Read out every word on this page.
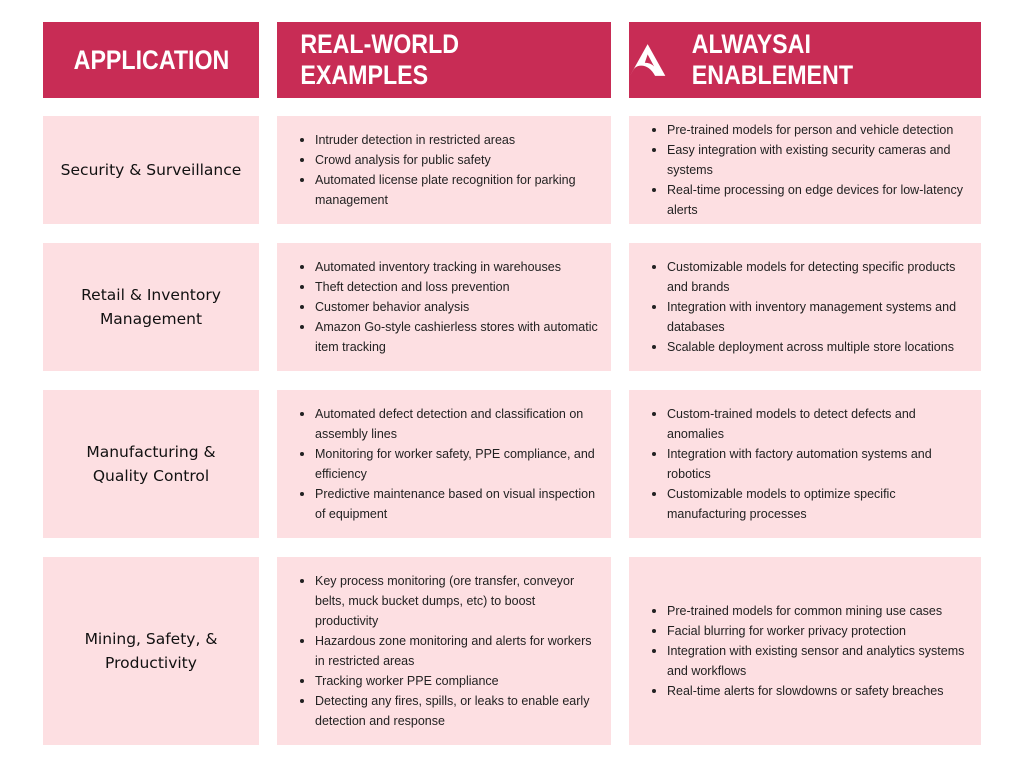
APPLICATION
REAL-WORLD EXAMPLES
ALWAYSAI ENABLEMENT
Security & Surveillance
Intruder detection in restricted areas
Crowd analysis for public safety
Automated license plate recognition for parking management
Pre-trained models for person and vehicle detection
Easy integration with existing security cameras and systems
Real-time processing on edge devices for low-latency alerts
Retail & Inventory Management
Automated inventory tracking in warehouses
Theft detection and loss prevention
Customer behavior analysis
Amazon Go-style cashierless stores with automatic item tracking
Customizable models for detecting specific products and brands
Integration with inventory management systems and databases
Scalable deployment across multiple store locations
Manufacturing & Quality Control
Automated defect detection and classification on assembly lines
Monitoring for worker safety, PPE compliance, and efficiency
Predictive maintenance based on visual inspection of equipment
Custom-trained models to detect defects and anomalies
Integration with factory automation systems and robotics
Customizable models to optimize specific manufacturing processes
Mining, Safety, & Productivity
Key process monitoring (ore transfer, conveyor belts, muck bucket dumps, etc) to boost productivity
Hazardous zone monitoring and alerts for workers in restricted areas
Tracking worker PPE compliance
Detecting any fires, spills, or leaks to enable early detection and response
Pre-trained models for common mining use cases
Facial blurring for worker privacy protection
Integration with existing sensor and analytics systems and workflows
Real-time alerts for slowdowns or safety breaches
